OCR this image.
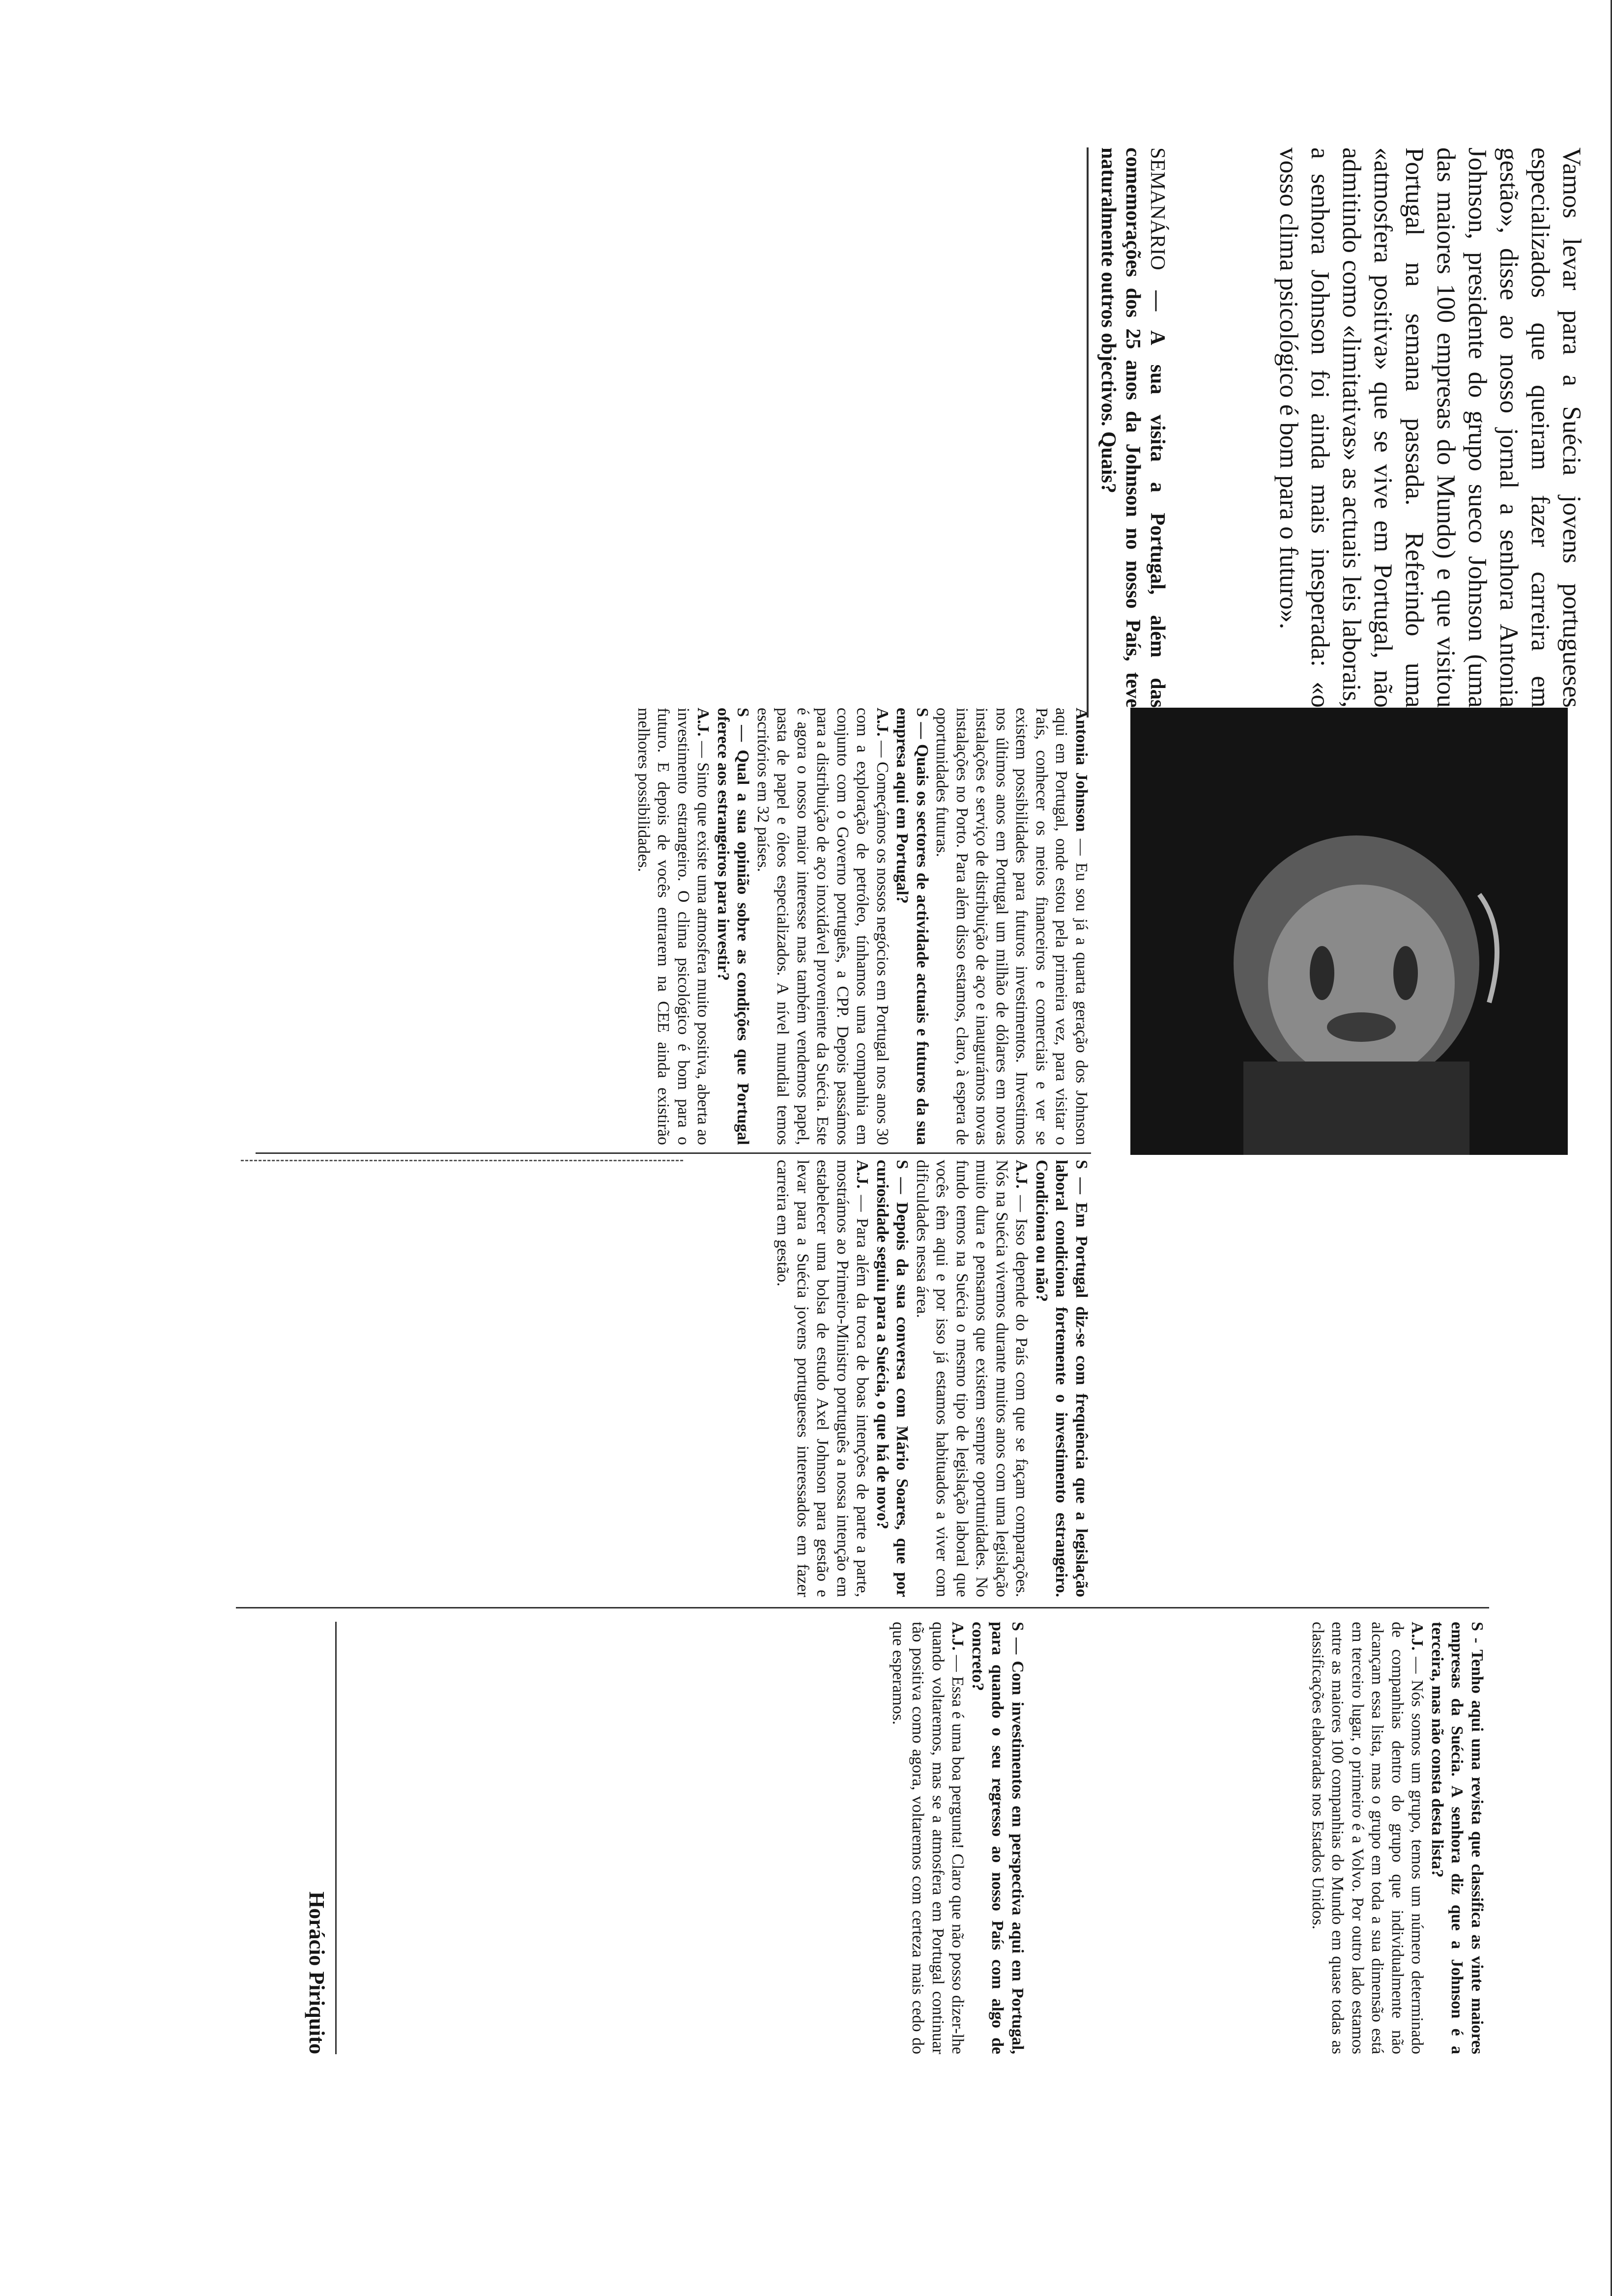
Vamos levar para a Suécia jovens portugueses especializados que queiram fazer carreira em gestão», disse ao nosso jornal a senhora Antonia Johnson, presidente do grupo sueco Johnson (uma das maiores 100 empresas do Mundo) e que visitou Portugal na semana passada. Referindo uma «atmosfera positiva» que se vive em Portugal, não admitindo como «limitativas» as actuais leis laborais, a senhora Johnson foi ainda mais inesperada: «o vosso clima psicológico é bom para o futuro».

SEMANÁRIO — A sua visita a Portugal, além das comemorações dos 25 anos da Johnson no nosso País, teve naturalmente outros objectivos. Quais?

Antonia Johnson — Eu sou já a quarta geração dos Johnson aqui em Portugal, onde estou pela primeira vez, para visitar o País, conhecer os meios financeiros e comerciais e ver se existem possibilidades para futuros investimentos. Investimos nos últimos anos em Portugal um milhão de dólares em novas instalações e serviço de distribuição de aço e inaugurámos novas instalações no Porto. Para além disso estamos, claro, à espera de oportunidades futuras.

S — Quais os sectores de actividade actuais e futuros da sua empresa aqui em Portugal?

A.J. — Começámos os nossos negócios em Portugal nos anos 30 com a exploração de petróleo, tínhamos uma companhia em conjunto com o Governo português, a CPP. Depois passámos para a distribuição de aço inoxidável proveniente da Suécia. Este é agora o nosso maior interesse mas também vendemos papel, pasta de papel e óleos especializados. A nível mundial temos escritórios em 32 países.

S — Qual a sua opinião sobre as condições que Portugal oferece aos estrangeiros para investir?

A.J. — Sinto que existe uma atmosfera muito positiva, aberta ao investimento estrangeiro. O clima psicológico é bom para o futuro. E depois de vocês entrarem na CEE ainda existirão melhores possibilidades.

S — Em Portugal diz-se com frequência que a legislação laboral condiciona fortemente o investimento estrangeiro. Condiciona ou não?

A.J. — Isso depende do País com que se façam comparações. Nós na Suécia vivemos durante muitos anos com uma legislação muito dura e pensamos que existem sempre oportunidades. No fundo temos na Suécia o mesmo tipo de legislação laboral que vocês têm aqui e por isso já estamos habituados a viver com dificuldades nessa área.

S — Depois da sua conversa com Mário Soares, que por curiosidade seguiu para a Suécia, o que há de novo?

A.J. — Para além da troca de boas intenções de parte a parte, mostrámos ao Primeiro-Ministro português a nossa intenção em estabelecer uma bolsa de estudo Axel Johnson para gestão e levar para a Suécia jovens portugueses interessados em fazer carreira em gestão.

S - Tenho aqui uma revista que classifica as vinte maiores empresas da Suécia. A senhora diz que a Johnson é a terceira, mas não consta desta lista?

A.J. — Nós somos um grupo, temos um número determinado de companhias dentro do grupo que individualmente não alcançam essa lista, mas o grupo em toda a sua dimensão está em terceiro lugar, o primeiro é a Volvo. Por outro lado estamos entre as maiores 100 companhias do Mundo em quase todas as classificações elaboradas nos Estados Unidos.

S — Com investimentos em perspectiva aqui em Portugal, para quando o seu regresso ao nosso País com algo de concreto?

A.J. — Essa é uma boa pergunta! Claro que não posso dizer-lhe quando voltaremos, mas se a atmosfera em Portugal continuar tão positiva como agora, voltaremos com certeza mais cedo do que esperamos.

Horácio Piriquito
